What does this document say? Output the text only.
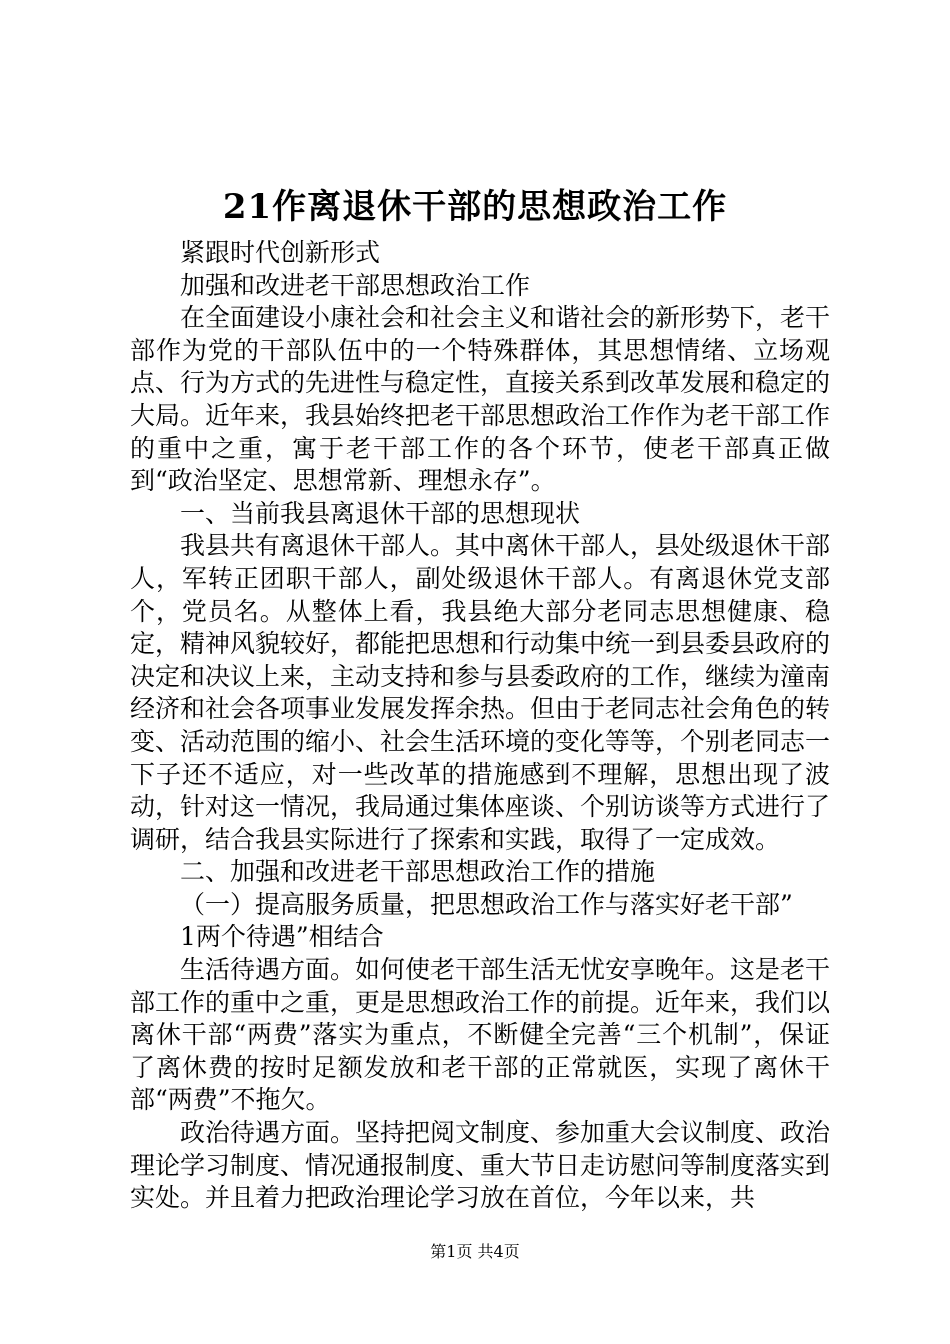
21作离退休干部的思想政治工作

紧跟时代创新形式

加强和改进老干部思想政治工作

在全面建设小康社会和社会主义和谐社会的新形势下，老干部作为党的干部队伍中的一个特殊群体，其思想情绪、立场观点、行为方式的先进性与稳定性，直接关系到改革发展和稳定的大局。近年来，我县始终把老干部思想政治工作作为老干部工作的重中之重，寓于老干部工作的各个环节，使老干部真正做到“政治坚定、思想常新、理想永存”。

一、当前我县离退休干部的思想现状

我县共有离退休干部人。其中离休干部人，县处级退休干部人，军转正团职干部人，副处级退休干部人。有离退休党支部个，党员名。从整体上看，我县绝大部分老同志思想健康、稳定，精神风貌较好，都能把思想和行动集中统一到县委县政府的决定和决议上来，主动支持和参与县委政府的工作，继续为潼南经济和社会各项事业发展发挥余热。但由于老同志社会角色的转变、活动范围的缩小、社会生活环境的变化等等，个别老同志一下子还不适应，对一些改革的措施感到不理解，思想出现了波动，针对这一情况，我局通过集体座谈、个别访谈等方式进行了调研，结合我县实际进行了探索和实践，取得了一定成效。

二、加强和改进老干部思想政治工作的措施

（一）提高服务质量，把思想政治工作与落实好老干部”

1两个待遇”相结合

生活待遇方面。如何使老干部生活无忧安享晚年。这是老干部工作的重中之重，更是思想政治工作的前提。近年来，我们以离休干部“两费”落实为重点，不断健全完善“三个机制”，保证了离休费的按时足额发放和老干部的正常就医，实现了离休干部“两费”不拖欠。

政治待遇方面。坚持把阅文制度、参加重大会议制度、政治理论学习制度、情况通报制度、重大节日走访慰问等制度落实到实处。并且着力把政治理论学习放在首位，今年以来，共

第1页 共4页
